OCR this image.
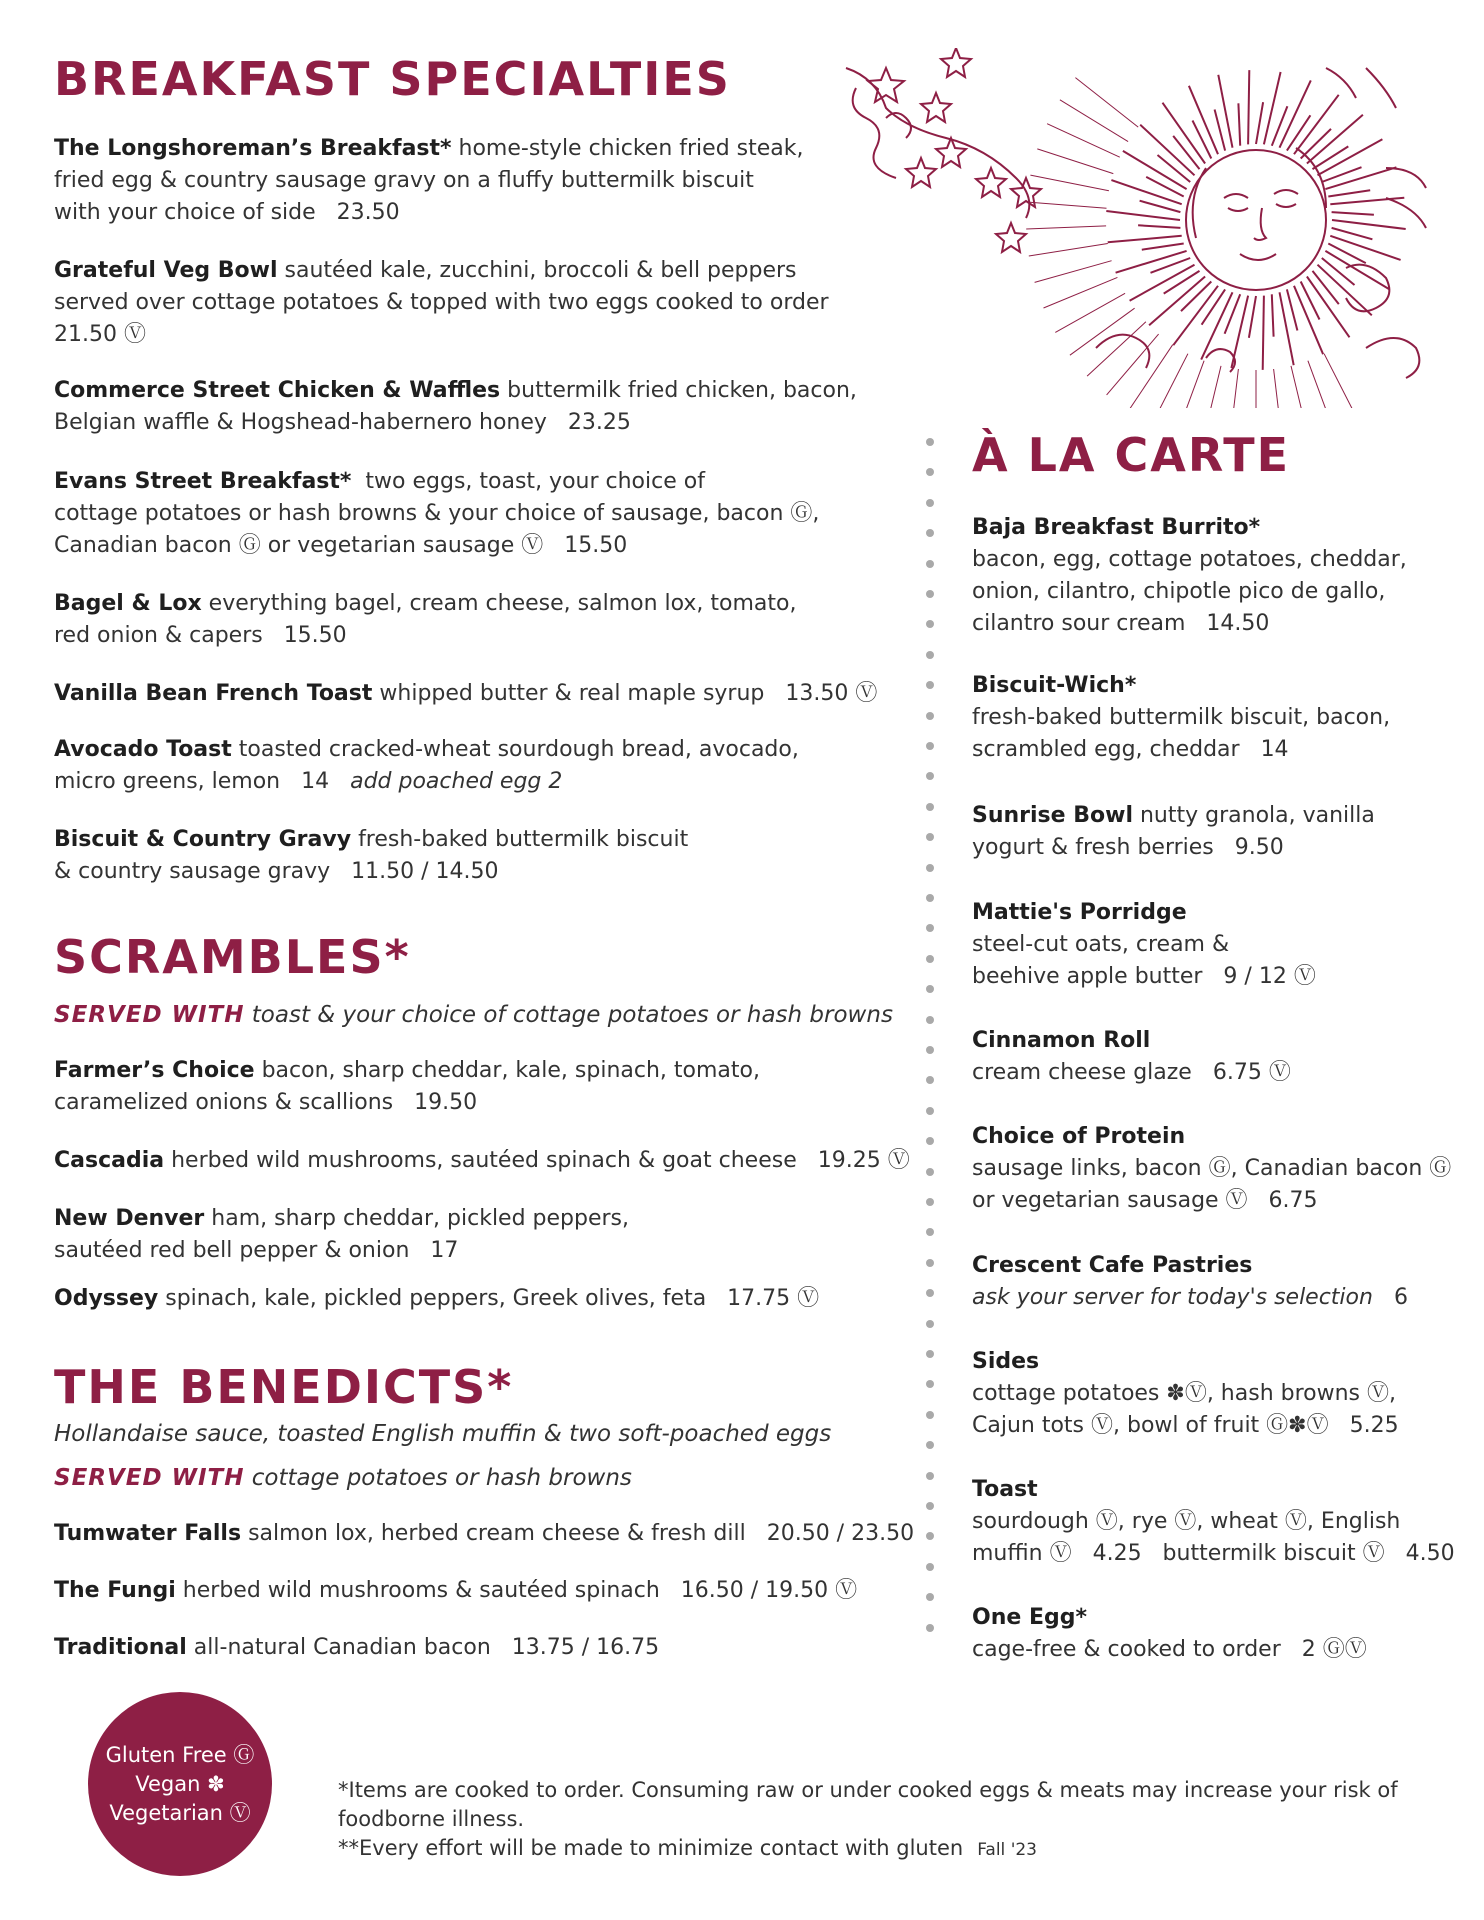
BREAKFAST SPECIALTIES
The Longshoreman’s Breakfast* home-style chicken fried steak,
fried egg & country sausage gravy on a fluffy buttermilk biscuit
with your choice of side 23.50
Grateful Veg Bowl sautéed kale, zucchini, broccoli & bell peppers
served over cottage potatoes & topped with two eggs cooked to order
21.50 Ⓥ
Commerce Street Chicken & Waffles buttermilk fried chicken, bacon,
Belgian waffle & Hogshead-habernero honey 23.25
Evans Street Breakfast* two eggs, toast, your choice of
cottage potatoes or hash browns & your choice of sausage, bacon Ⓖ,
Canadian bacon Ⓖ or vegetarian sausage Ⓥ 15.50
Bagel & Lox everything bagel, cream cheese, salmon lox, tomato,
red onion & capers 15.50
Vanilla Bean French Toast whipped butter & real maple syrup 13.50 Ⓥ
Avocado Toast toasted cracked-wheat sourdough bread, avocado,
micro greens, lemon 14 add poached egg 2
Biscuit & Country Gravy fresh-baked buttermilk biscuit
& country sausage gravy 11.50 / 14.50
SCRAMBLES*
SERVED WITH toast & your choice of cottage potatoes or hash browns
Farmer’s Choice bacon, sharp cheddar, kale, spinach, tomato,
caramelized onions & scallions 19.50
Cascadia herbed wild mushrooms, sautéed spinach & goat cheese 19.25 Ⓥ
New Denver ham, sharp cheddar, pickled peppers,
sautéed red bell pepper & onion 17
Odyssey spinach, kale, pickled peppers, Greek olives, feta 17.75 Ⓥ
THE BENEDICTS*
Hollandaise sauce, toasted English muffin & two soft-poached eggs
SERVED WITH cottage potatoes or hash browns
Tumwater Falls salmon lox, herbed cream cheese & fresh dill 20.50 / 23.50
The Fungi herbed wild mushrooms & sautéed spinach 16.50 / 19.50 Ⓥ
Traditional all-natural Canadian bacon 13.75 / 16.75
À LA CARTE
Baja Breakfast Burrito*
bacon, egg, cottage potatoes, cheddar,
onion, cilantro, chipotle pico de gallo,
cilantro sour cream 14.50
Biscuit-Wich*
fresh-baked buttermilk biscuit, bacon,
scrambled egg, cheddar 14
Sunrise Bowl nutty granola, vanilla
yogurt & fresh berries 9.50
Mattie's Porridge
steel-cut oats, cream &
beehive apple butter 9 / 12 Ⓥ
Cinnamon Roll
cream cheese glaze 6.75 Ⓥ
Choice of Protein
sausage links, bacon Ⓖ, Canadian bacon Ⓖ
or vegetarian sausage Ⓥ 6.75
Crescent Cafe Pastries
ask your server for today's selection 6
Sides
cottage potatoes ✽Ⓥ, hash browns Ⓥ,
Cajun tots Ⓥ, bowl of fruit Ⓖ✽Ⓥ 5.25
Toast
sourdough Ⓥ, rye Ⓥ, wheat Ⓥ, English
muffin Ⓥ 4.25 buttermilk biscuit Ⓥ 4.50
One Egg*
cage-free & cooked to order 2 ⒼⓋ
Gluten Free Ⓖ
Vegan ✽
Vegetarian Ⓥ
*Items are cooked to order. Consuming raw or under cooked eggs & meats may increase your risk of
foodborne illness.
**Every effort will be made to minimize contact with gluten Fall '23
